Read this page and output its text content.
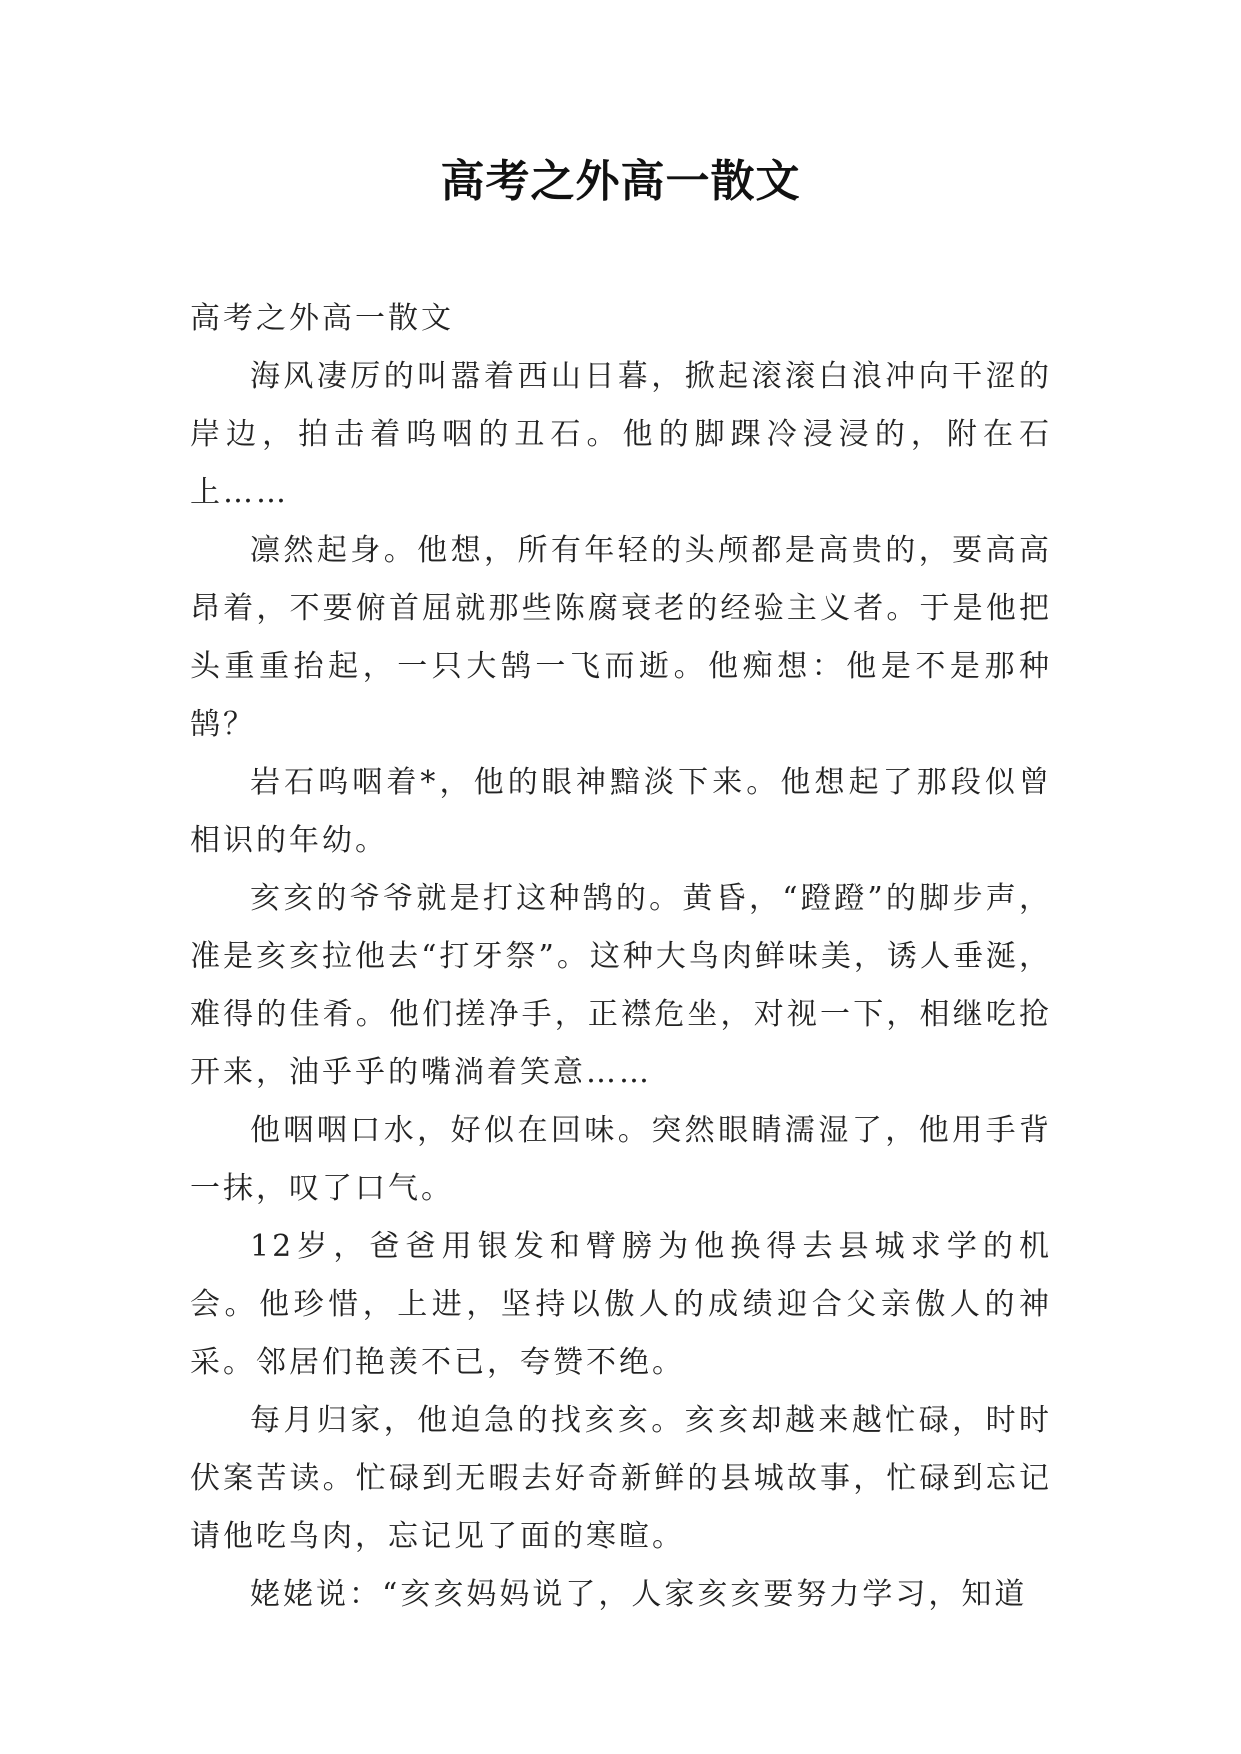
高考之外高一散文

高考之外高一散文

海风凄厉的叫嚣着西山日暮，掀起滚滚白浪冲向干涩的岸边，拍击着呜咽的丑石。他的脚踝冷浸浸的，附在石上……

凛然起身。他想，所有年轻的头颅都是高贵的，要高高昂着，不要俯首屈就那些陈腐衰老的经验主义者。于是他把头重重抬起，一只大鹄一飞而逝。他痴想：他是不是那种鹄？

岩石呜咽着*，他的眼神黯淡下来。他想起了那段似曾相识的年幼。

亥亥的爷爷就是打这种鹄的。黄昏，“蹬蹬”的脚步声，准是亥亥拉他去“打牙祭”。这种大鸟肉鲜味美，诱人垂涎，难得的佳肴。他们搓净手，正襟危坐，对视一下，相继吃抢开来，油乎乎的嘴淌着笑意……

他咽咽口水，好似在回味。突然眼睛濡湿了，他用手背一抹，叹了口气。

12岁，爸爸用银发和臂膀为他换得去县城求学的机会。他珍惜，上进，坚持以傲人的成绩迎合父亲傲人的神采。邻居们艳羡不已，夸赞不绝。

每月归家，他迫急的找亥亥。亥亥却越来越忙碌，时时伏案苦读。忙碌到无暇去好奇新鲜的县城故事，忙碌到忘记请他吃鸟肉，忘记见了面的寒暄。

姥姥说：“亥亥妈妈说了，人家亥亥要努力学习，知道
